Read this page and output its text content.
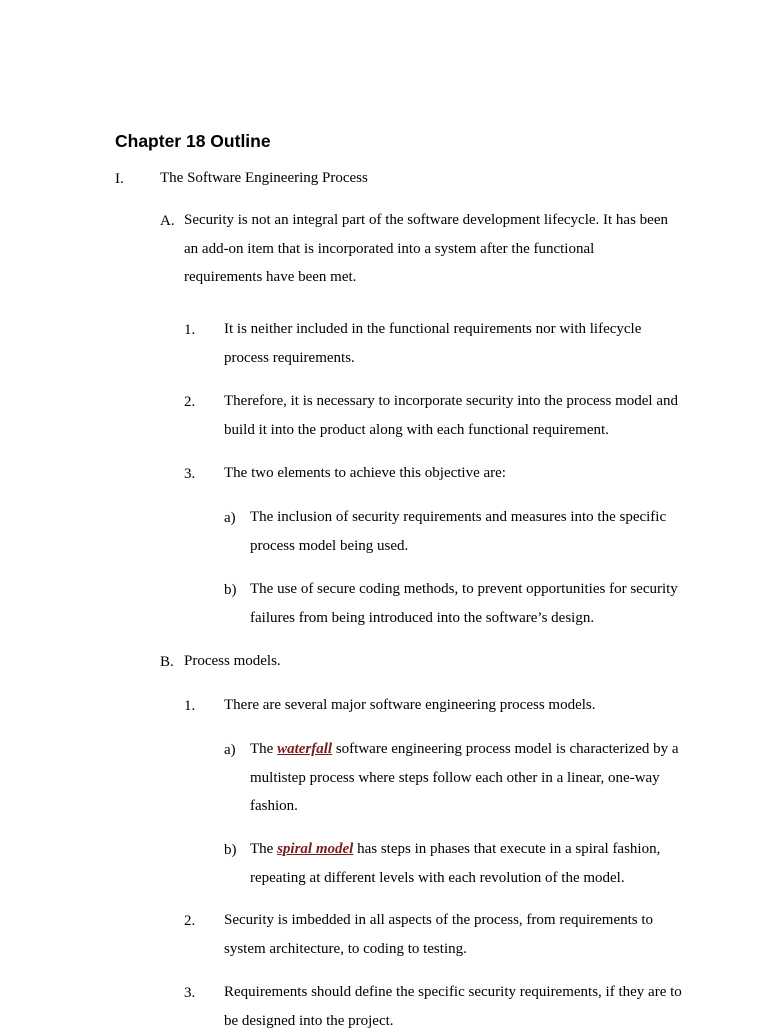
Chapter 18 Outline
I. The Software Engineering Process
A. Security is not an integral part of the software development lifecycle. It has been
an add-on item that is incorporated into a system after the functional
requirements have been met.
1. It is neither included in the functional requirements nor with lifecycle
process requirements.
2. Therefore, it is necessary to incorporate security into the process model and
build it into the product along with each functional requirement.
3. The two elements to achieve this objective are:
a) The inclusion of security requirements and measures into the specific
process model being used.
b) The use of secure coding methods, to prevent opportunities for security
failures from being introduced into the software’s design.
B. Process models.
1. There are several major software engineering process models.
a) The waterfall software engineering process model is characterized by a
multistep process where steps follow each other in a linear, one-way
fashion.
b) The spiral model has steps in phases that execute in a spiral fashion,
repeating at different levels with each revolution of the model.
2. Security is imbedded in all aspects of the process, from requirements to
system architecture, to coding to testing.
3. Requirements should define the specific security requirements, if they are to
be designed into the project.
